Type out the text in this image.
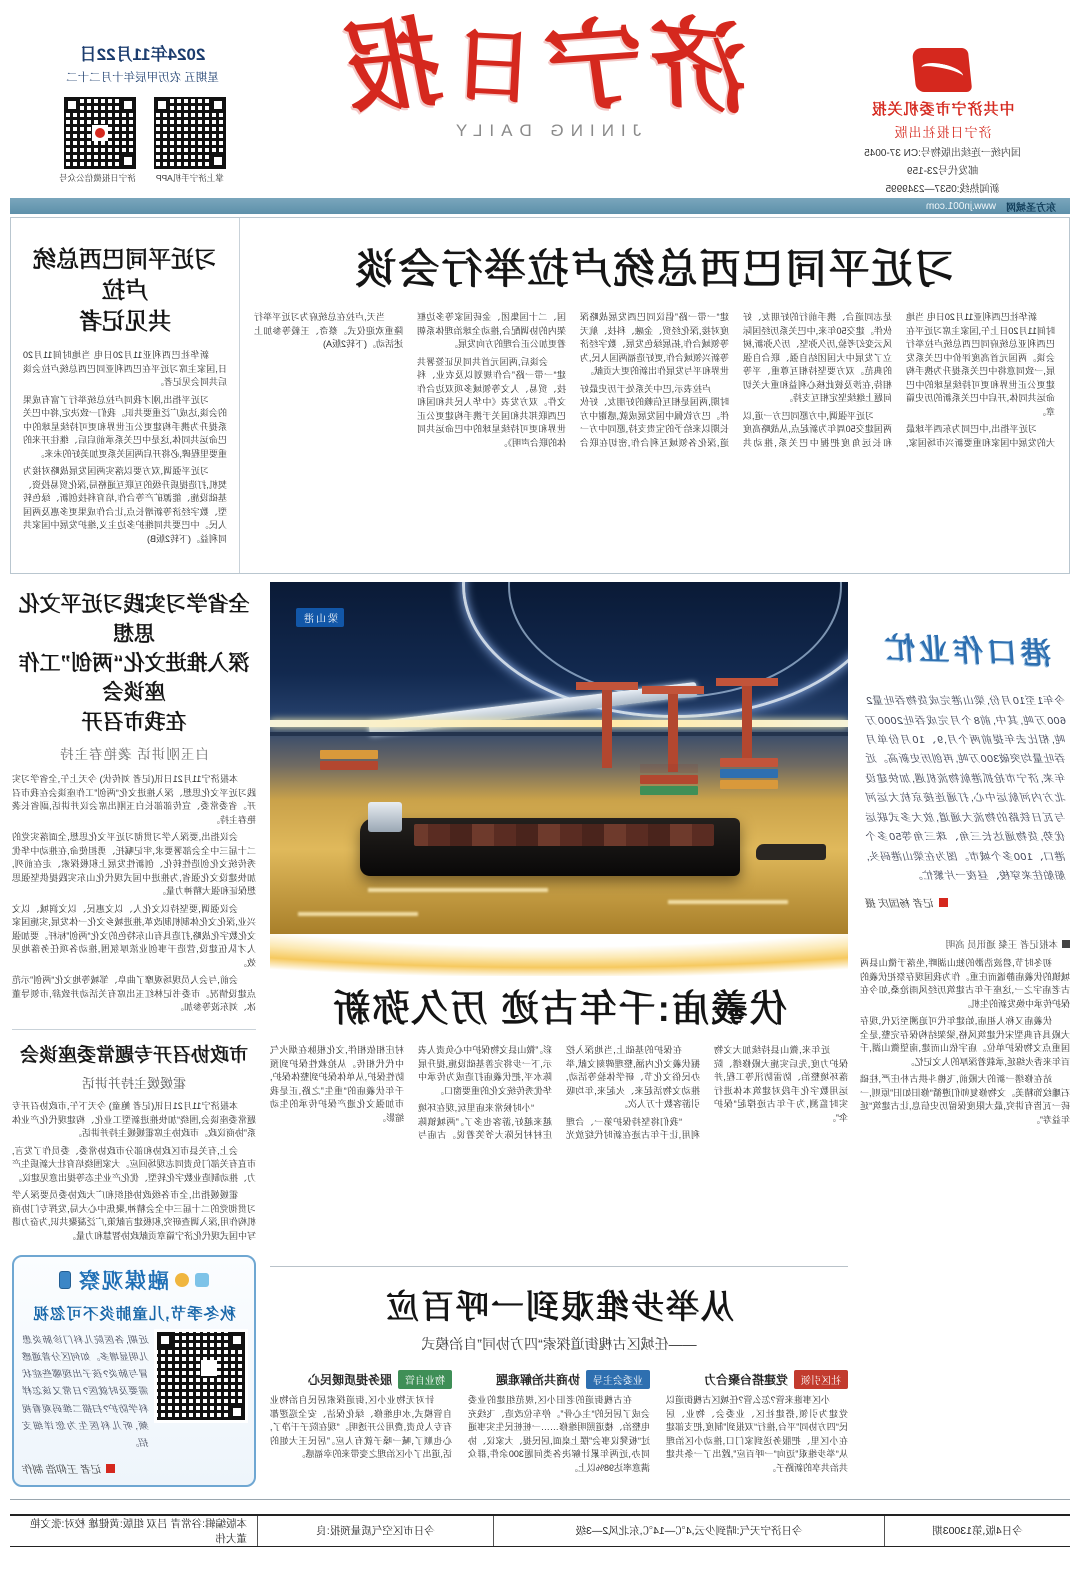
中共济宁市委机关报
济宁日报社出版
国内统一连续出版物号:CN 37-0045
邮发代号23-159
新闻热线:0537—2349995
济 宁 日 报
JINING DAILY
2024年11月22日
星期五 农历甲辰年十月二十二
掌上济宁手机APP
济宁日报微信公众号
东方圣城网
www.jn001.com
习近平同巴西总统卢拉举行会谈

新华社巴西利亚11月20日电 当地时间11月20日上午,国家主席习近平在巴西利亚总统府同巴西总统卢拉举行会谈。两国元首高度评价中巴关系发展,一致同意将中巴关系提升为携手构建更公正世界和更可持续星球的中巴命运共同体,开启中巴关系新的历史篇章。

习近平指出,中巴同为东西半球最大的发展中国家和重要新兴市场国家,是志同道合、携手前行的好朋友、好伙伴。建交50年来,中巴关系历经国际风云变幻考验,历久弥坚、历久弥新,树立了发展中大国团结自强、联合自强的典范。双方要坚持相互尊重、平等相待,在涉及彼此核心利益和重大关切问题上继续坚定相互支持。

习近平强调,中方愿同巴方一道,以两国建交50周年为新起点,从战略高度和长远角度把握中巴关系,推动共建“一带一路”倡议同巴西发展战略深度对接,深化经贸、金融、科技、航天等领域合作,拓展绿色发展、数字经济等新兴领域合作,更好造福两国人民,为世界和平与发展作出新的更大贡献。

卢拉表示,巴中关系处于历史最好时期,两国是相互信赖的好朋友、好伙伴。巴方钦佩中国发展成就,感谢中方长期以来给予的宝贵支持,愿同中方一道,深化各领域互利合作,密切在联合国、二十国集团、金砖国家等多边框架内的协调配合,推动全球治理体系朝着更加公正合理的方向发展。

会谈后,两国元首共同见证签署共建“一带一路”合作规划以及农业、科技、贸易、人文等领域多项双边合作文件。双方发表《中华人民共和国和巴西联邦共和国关于携手构建更公正世界和更可持续星球的中巴命运共同体的联合声明》。

当天,卢拉在总统府为习近平举行隆重欢迎仪式。蔡奇、王毅等参加上述活动。(下转2版A)

习近平同巴西总统卢拉
共见记者

新华社巴西利亚11月20日电 当地时间11月20日,国家主席习近平在巴西利亚同巴西总统卢拉会谈后共同会见记者。

习近平指出,刚才我同卢拉总统举行了富有成果的会谈,达成广泛重要共识。我们一致决定,将中巴关系提升为携手构建更公正世界和更可持续星球的中巴命运共同体,这是中巴关系承前启后、继往开来的重要里程碑,必将开启两国关系更加美好的未来。

习近平强调,双方要以落实两国发展战略对接为契机,打造提质升级的互联互通格局,深化贸易投资、基础设施、能源矿产等合作,培育科技创新、绿色转型、数字经济等新增长点,让合作成果更多惠及两国人民。中巴要共同维护多边主义,维护发展中国家共同利益。(下转2版B)

港口作业忙
今年1至10月份,梁山港完成货物吞吐量2600万吨,其中,前8个月完成吞吐2000万吨,相比去年提前两个月,9、10月份单月吞吐量均突破300万吨,再创历史新高。近年来,济宁市抢抓港航物流机遇,加快建设北方内河航运中心,打通连接京杭大运河与瓦日铁路的物流大通道,放大多式联运优势,货物通达长三角、珠三角等50多个港口、100多个城市。图为在梁山港码头,船舶往来穿梭、昼夜一片繁忙。
记者 杨国庆 摄
本报记者 王粲 通讯员 高明

初冬时节,碧波浩渺的独山湖畔,坐落于微山县两城镇的伏羲庙静谧而庄重。作为我国现存祭祀伏羲的古老庙宇之一,这座千年古建筑历经风雨沧桑,如今在保护传承中焕发新的生机。

伏羲庙又称人祖庙,始建年代可追溯至汉代,现存大殿具有典型宋代建筑风格,梁架结构保存完整,是全国重点文物保护单位。庙宇依山而建,南望微山湖,千百年来香火绵延,承载着深厚的人文记忆。

站在修缮一新的大殿前,飞檐斗拱古朴庄严,柱础石雕纹饰精美。文物修复师们遵循“修旧如旧”原则,一砖一瓦皆有讲究,最大限度保留历史信息,让古建筑“延年益寿”。

梁山港
伏羲庙:千年古迹 历久弥新

近年来,微山县持续加大文物保护力度,先后实施大殿修缮、院落环境整治、防雷防汛等工程,并运用数字化手段对建筑本体进行实时监测,为千年古迹撑起“保护伞”。

在保护的基础上,当地深入挖掘伏羲文化内涵,整理碑刻文献,举办民俗文化节、研学体验等活动,推动文物活起来、火起来,年均吸引游客数十万人次。

“我们将坚持保护第一、合理利用,让千年古迹在新时代绽放光彩。”微山县文物保护中心负责人表示,下一步将完善基础设施,提升展陈水平,把伏羲庙打造成为传承中华优秀传统文化的重要窗口。

“小时候常来庙里玩,现在环境越来越好,游客也多了。”两城镇陈庄村村民陈大爷笑着说。古庙与村庄相依相伴,文化根脉在烟火气中代代相传。从抢救性保护到预防性保护,从单体保护到整体保护,千年伏羲庙的“重生”之路,正是我市加强文化遗产保护传承的生动缩影。

从举步维艰到一呼百应
——任城区古槐街道探索“四方协同”自治模式
社区引领党建搭台聚合力

小区事谁来管?怎么管?任城区古槐街道以党建为引领,搭建社区、业委会、物业、居民“四方协同”平台,推行“双报到”制度,把支部建在小区里、把服务送到家门口,推动小区治理从“举步维艰”迈向“一呼百应”,蹚出了一条共建共治共享的新路子。

业委会主导协商共治解难题

在古槐街道的老旧小区,规范组建的业委会成了居民的“主心骨”。停车位改造、飞线充电整治、楼道照明维修……一桩桩民生实事通过“板凳议事会”摆上桌面,居民提、大家议、协同办,近两年累计解决各类问题300余件,群众满意率达98%以上。

物业自管服务提质暖民心

针对无物业小区,街道探索居民自治物业自管模式,水电维修、绿化保洁、安全巡逻都有专人负责,费用公开透明。“现在院子干净了,心也顺了,喊一嗓子就有人应。”居民王大姐的话,道出了小区治理之变带来的幸福感。

全省学习实践习近平文化思想
深入推进文化“两创”工作座谈会
在我市召开
白玉刚讲话 袭艳春主持

本报济宁11月21日讯(记者 刘传伏) 今天上午,全省学习实践习近平文化思想、深入推进文化“两创”工作座谈会在我市召开。省委常委、宣传部部长白玉刚出席会议并讲话,副省长袭艳春主持。

会议指出,要深入学习贯彻习近平文化思想,全面落实党的二十届三中全会部署要求,牢记嘱托、勇担使命,在推动中华优秀传统文化创造性转化、创新性发展上积极探索、走在前列,加快建设文化强省,为推进中国式现代化山东实践提供坚强思想保证和强大精神力量。

会议强调,要坚持以文化人、以文惠民、以文润城、以文兴业,深化文化体制机制改革,推进城乡文化一体发展,实施国家文化数字化战略,打造具有山东特色的文化“两创”标杆。要加强人才队伍建设,营造干事创业浓厚氛围,推动各项任务落地见效。

会前,与会人员现场观摩了曲阜、邹城等地文化“两创”示范点建设情况。市委书记林红玉出席有关活动并致辞,市领导董冰、刘东波等参加。

市政协召开专题常委座谈会
霍媛媛主持并讲话

本报济宁11月21日讯(记者 鲍童) 今天下午,市政协召开专题常委座谈会,围绕“加快推进新型工业化、构建现代化产业体系”协商议政。市政协主席霍媛媛主持并讲话。

会上,有关县市区政协和部分市政协常委、委员作了发言,市直有关部门负责同志现场回应。大家围绕培育壮大新质生产力、推动制造业数字化转型、优化产业生态等提出意见建议。

霍媛媛指出,全市各级政协组织和广大政协委员要深入学习贯彻党的二十届三中全会精神,聚焦中心大局,发挥专门协商机构作用,深入调查研究,积极建言献策,广泛凝聚共识,为奋力谱写中国式现代化济宁篇章贡献政协智慧和力量。

融媒观察
秋冬季节,儿童肺炎不可忽视
近期,各医院儿科门诊肺炎患儿明显增多。如何区分普通感冒与肺炎?孩子出现哪些症状需要及时就医?日常又该怎样科学防护?扫描二维码观看视频,听儿科医生为您详细支招。
记者 王仰浩 制作
今日4版,第13003期
今日济宁天气:晴到少云,4℃—14℃,东北风2—3级
今日市区空气质量预报:良
本版编辑:谷常青 吕双 组版:黄健雄 校对:张文艳 董大伟
